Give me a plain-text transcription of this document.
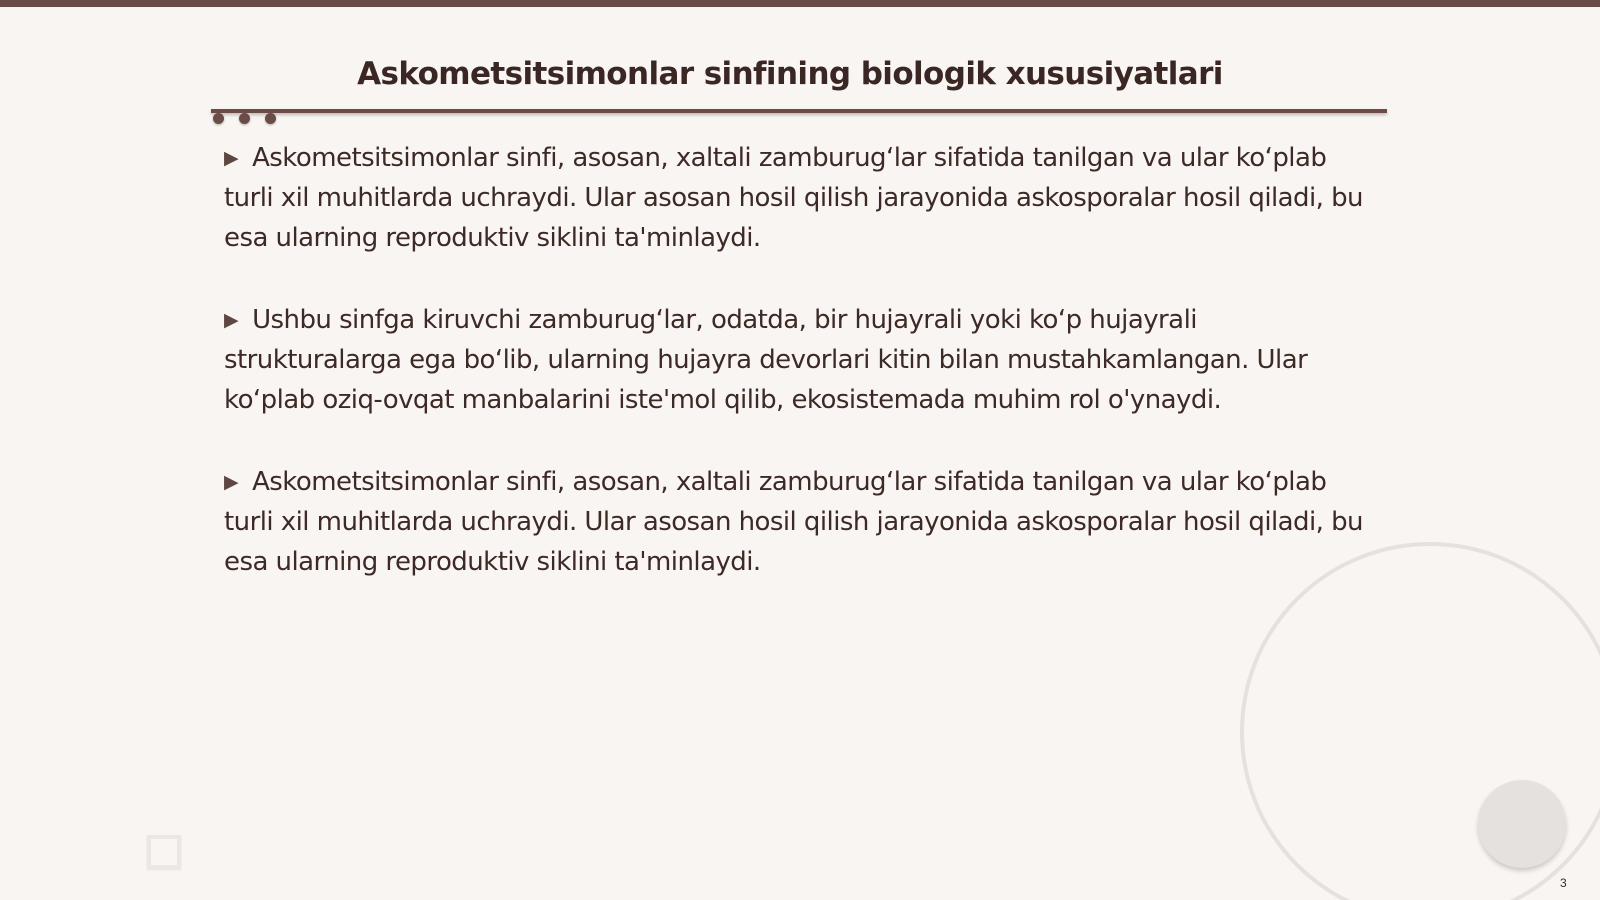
Askometsitsimonlar sinfining biologik xususiyatlari

▶ Askometsitsimonlar sinfi, asosan, xaltali zamburug‘lar sifatida tanilgan va ular ko‘plab turli xil muhitlarda uchraydi. Ular asosan hosil qilish jarayonida askosporalar hosil qiladi, bu esa ularning reproduktiv siklini ta'minlaydi.

▶ Ushbu sinfga kiruvchi zamburug‘lar, odatda, bir hujayrali yoki ko‘p hujayrali strukturalarga ega bo‘lib, ularning hujayra devorlari kitin bilan mustahkamlangan. Ular ko‘plab oziq-ovqat manbalarini iste'mol qilib, ekosistemada muhim rol o'ynaydi.

▶ Askometsitsimonlar sinfi, asosan, xaltali zamburug‘lar sifatida tanilgan va ular ko‘plab turli xil muhitlarda uchraydi. Ular asosan hosil qilish jarayonida askosporalar hosil qiladi, bu esa ularning reproduktiv siklini ta'minlaydi.

3
